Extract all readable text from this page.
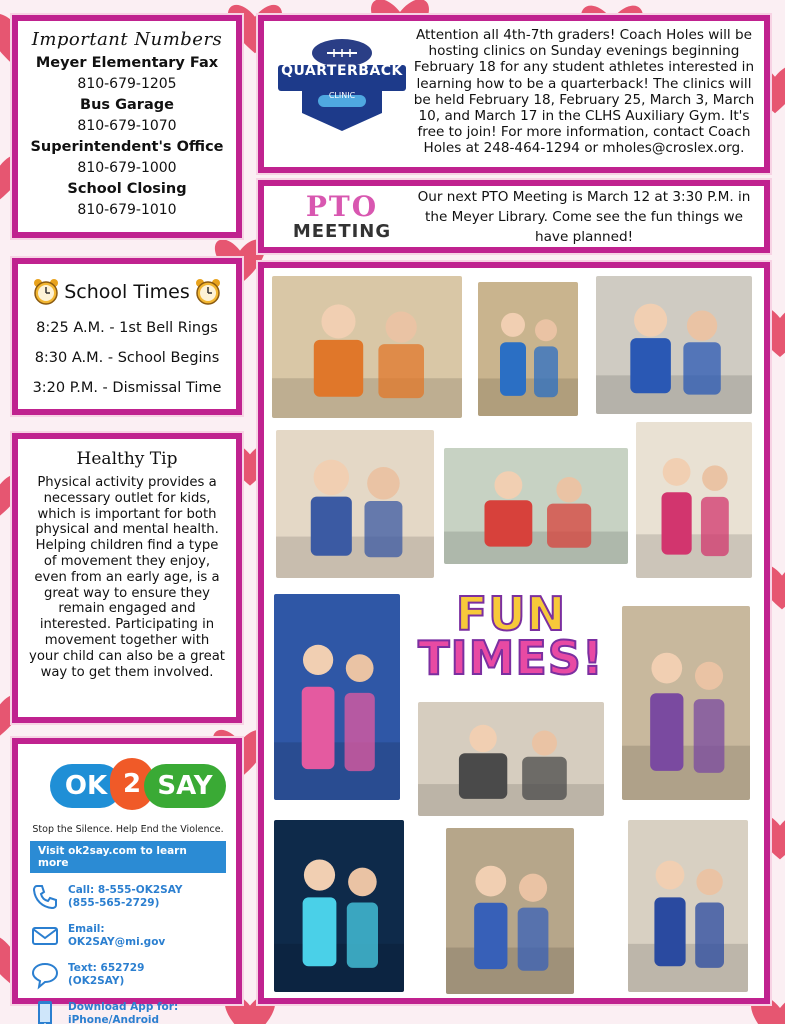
Important Numbers
Meyer Elementary Fax
810-679-1205
Bus Garage
810-679-1070
Superintendent's Office
810-679-1000
School Closing
810-679-1010
School Times
8:25 A.M. - 1st Bell Rings
8:30 A.M. - School Begins
3:20 P.M. - Dismissal Time
Healthy Tip
Physical activity provides a necessary outlet for kids, which is important for both physical and mental health. Helping children find a type of movement they enjoy, even from an early age, is a great way to ensure they remain engaged and interested. Participating in movement together with your child can also be a great way to get them involved.
OK 2 SAY
Stop the Silence. Help End the Violence.
Visit ok2say.com to learn more
Call: 8-555-OK2SAY
(855-565-2729)
Email:
OK2SAY@mi.gov
Text: 652729
(OK2SAY)
Download App for:
iPhone/Android
QUARTERBACK
CLINIC
Attention all 4th-7th graders! Coach Holes will be hosting clinics on Sunday evenings beginning February 18 for any student athletes interested in learning how to be a quarterback! The clinics will be held February 18, February 25, March 3, March 10, and March 17 in the CLHS Auxiliary Gym. It's free to join! For more information, contact Coach Holes at 248-464-1294 or mholes@croslex.org.
PTO
MEETING
Our next PTO Meeting is March 12 at 3:30 P.M. in the Meyer Library. Come see the fun things we have planned!
FUN
TIMES!
